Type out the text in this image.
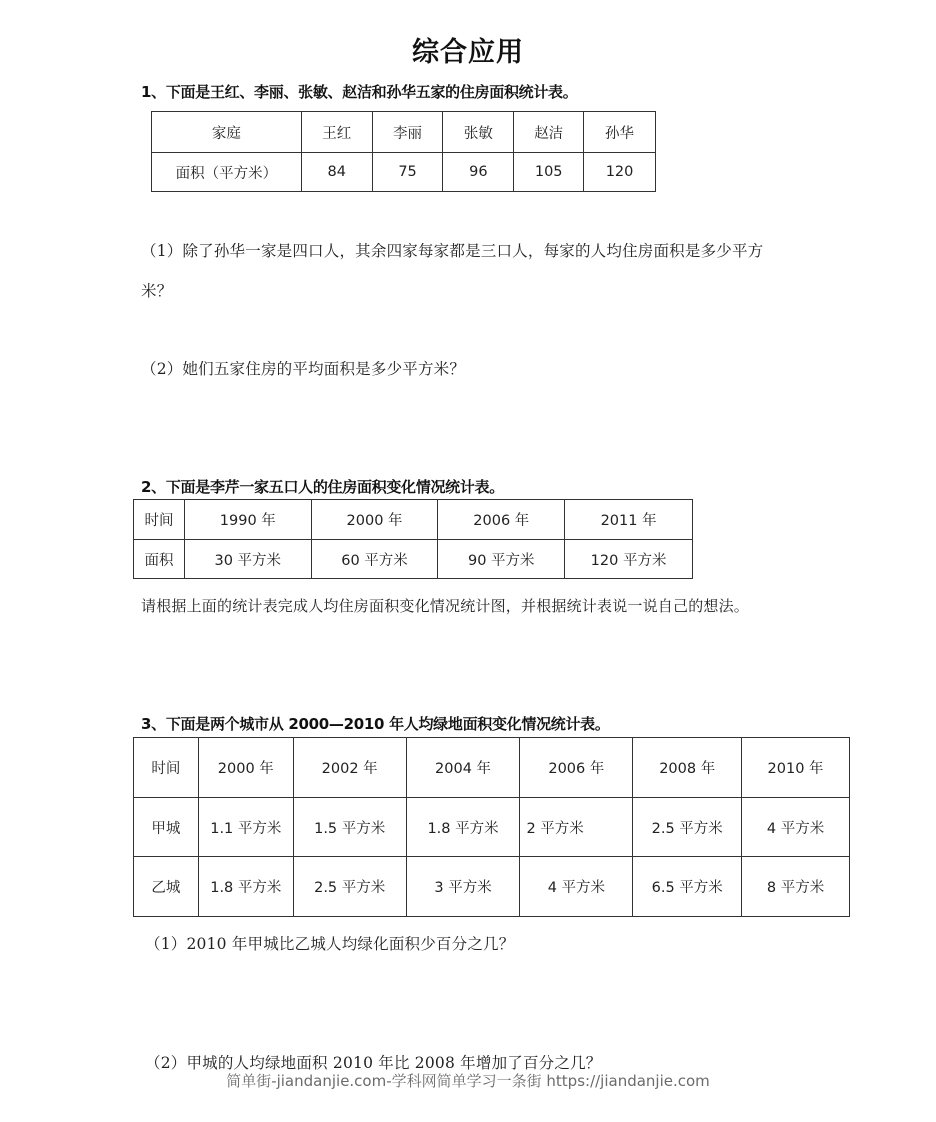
综合应用
1、下面是王红、李丽、张敏、赵洁和孙华五家的住房面积统计表。
家庭	王红	李丽	张敏	赵洁	孙华
面积（平方米）	84	75	96	105	120
（1）除了孙华一家是四口人，其余四家每家都是三口人，每家的人均住房面积是多少平方
米？
（2）她们五家住房的平均面积是多少平方米？
2、下面是李芹一家五口人的住房面积变化情况统计表。
时间	1990 年	2000 年	2006 年	2011 年
面积	30 平方米	60 平方米	90 平方米	120 平方米
请根据上面的统计表完成人均住房面积变化情况统计图，并根据统计表说一说自己的想法。
3、下面是两个城市从 2000—2010 年人均绿地面积变化情况统计表。
时间	2000 年	2002 年	2004 年	2006 年	2008 年	2010 年
甲城	1.1 平方米	1.5 平方米	1.8 平方米	2 平方米	2.5 平方米	4 平方米
乙城	1.8 平方米	2.5 平方米	3 平方米	4 平方米	6.5 平方米	8 平方米
（1）2010 年甲城比乙城人均绿化面积少百分之几？
（2）甲城的人均绿地面积 2010 年比 2008 年增加了百分之几？
简单街-jiandanjie.com-学科网简单学习一条街 https://jiandanjie.com
